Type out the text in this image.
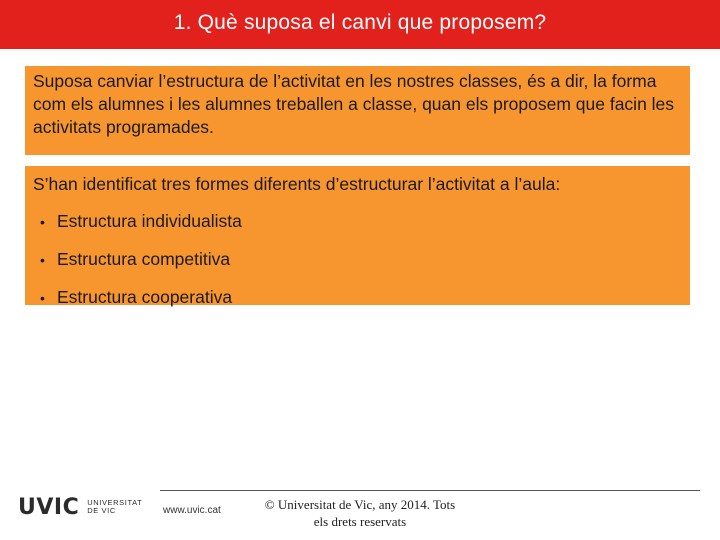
1. Què suposa el canvi que proposem?
Suposa canviar l’estructura de l’activitat en les nostres classes, és a dir, la forma com els alumnes i les alumnes treballen a classe, quan els proposem que facin les activitats programades.
S’han identificat tres formes diferents d’estructurar l’activitat a l’aula:
• Estructura individualista
• Estructura competitiva
• Estructura cooperativa
UVIC UNIVERSITAT
DE VIC	www.uvic.cat	© Universitat de Vic, any 2014. Tots
els drets reservats
